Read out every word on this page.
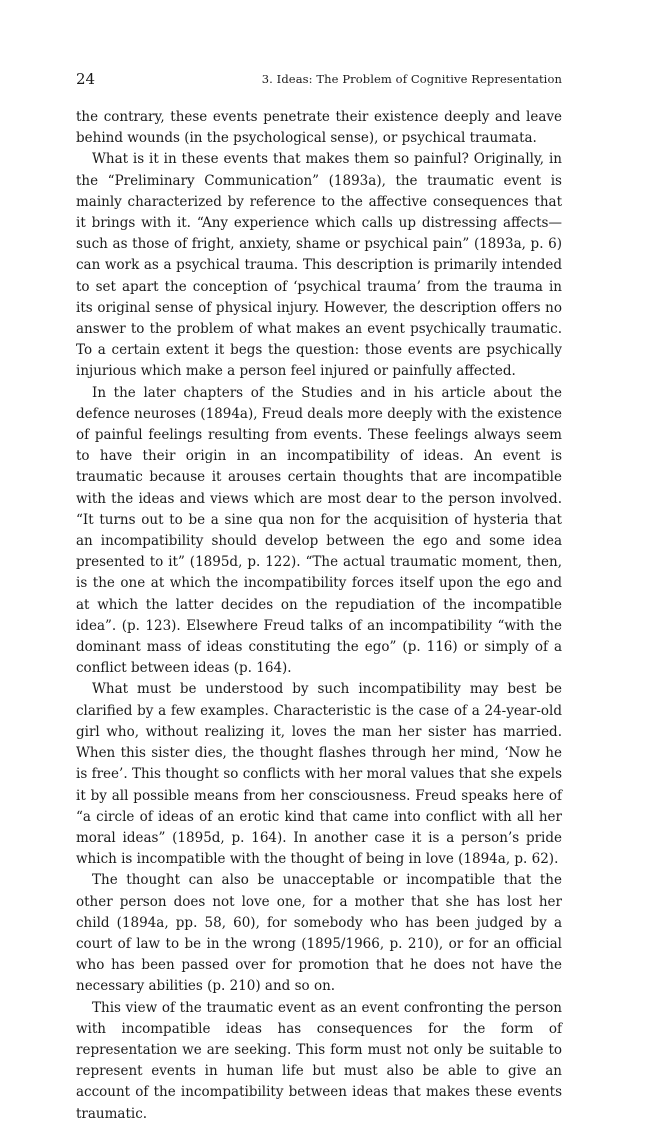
24	3. Ideas: The Problem of Cognitive Representation

the contrary, these events penetrate their existence deeply and leave behind wounds (in the psychological sense), or psychical traumata.

What is it in these events that makes them so painful? Originally, in the “Preliminary Communication” (1893a), the traumatic event is mainly characterized by reference to the affective consequences that it brings with it. “Any experience which calls up distressing affects—such as those of fright, anxiety, shame or psychical pain” (1893a, p. 6) can work as a psychical trauma. This description is primarily intended to set apart the conception of ‘psychical trauma’ from the trauma in its original sense of physical injury. However, the description offers no answer to the problem of what makes an event psychically traumatic. To a certain extent it begs the question: those events are psychically injurious which make a person feel injured or painfully affected.

In the later chapters of the Studies and in his article about the defence neuroses (1894a), Freud deals more deeply with the existence of painful feelings resulting from events. These feelings always seem to have their origin in an incompatibility of ideas. An event is traumatic because it arouses certain thoughts that are incompatible with the ideas and views which are most dear to the person involved. “It turns out to be a sine qua non for the acquisition of hysteria that an incompatibility should develop between the ego and some idea presented to it” (1895d, p. 122). “The actual traumatic moment, then, is the one at which the incompatibility forces itself upon the ego and at which the latter decides on the repudiation of the incompatible idea”. (p. 123). Elsewhere Freud talks of an incompatibility “with the dominant mass of ideas constituting the ego” (p. 116) or simply of a conflict between ideas (p. 164).

What must be understood by such incompatibility may best be clarified by a few examples. Characteristic is the case of a 24-year-old girl who, without realizing it, loves the man her sister has married. When this sister dies, the thought flashes through her mind, ‘Now he is free’. This thought so conflicts with her moral values that she expels it by all possible means from her consciousness. Freud speaks here of “a circle of ideas of an erotic kind that came into conflict with all her moral ideas” (1895d, p. 164). In another case it is a person’s pride which is incompatible with the thought of being in love (1894a, p. 62).

The thought can also be unacceptable or incompatible that the other person does not love one, for a mother that she has lost her child (1894a, pp. 58, 60), for somebody who has been judged by a court of law to be in the wrong (1895/1966, p. 210), or for an official who has been passed over for promotion that he does not have the necessary abilities (p. 210) and so on.

This view of the traumatic event as an event confronting the person with incompatible ideas has consequences for the form of representation we are seeking. This form must not only be suitable to represent events in human life but must also be able to give an account of the incompatibility between ideas that makes these events traumatic.
